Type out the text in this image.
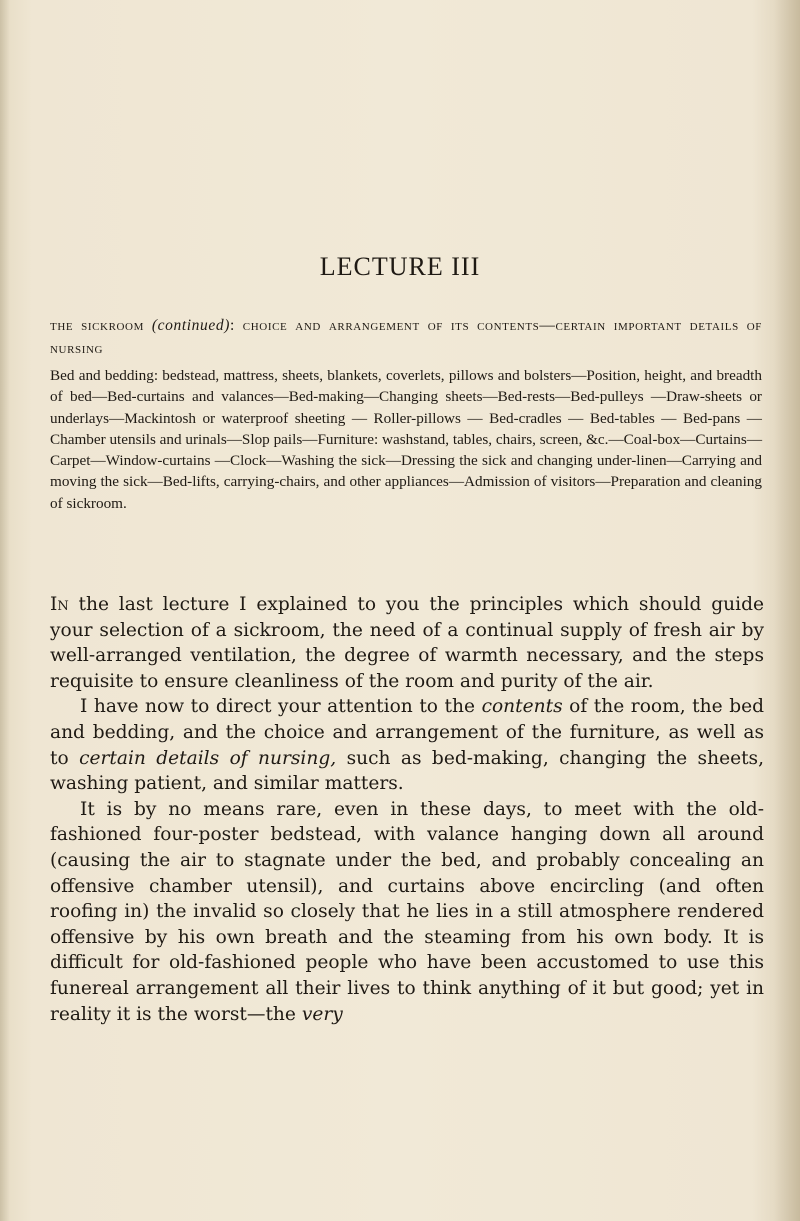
LECTURE III

the sickroom (continued): choice and arrangement of its contents—certain important details of nursing

Bed and bedding: bedstead, mattress, sheets, blankets, coverlets, pillows and bolsters—Position, height, and breadth of bed—Bed-curtains and valances—Bed-making—Changing sheets—Bed-rests—Bed-pulleys —Draw-sheets or underlays—Mackintosh or waterproof sheeting — Roller-pillows — Bed-cradles — Bed-tables — Bed-pans — Chamber utensils and urinals—Slop pails—Furniture: washstand, tables, chairs, screen, &c.—Coal-box—Curtains—Carpet—Window-curtains —Clock—Washing the sick—Dressing the sick and changing under-linen—Carrying and moving the sick—Bed-lifts, carrying-chairs, and other appliances—Admission of visitors—Preparation and cleaning of sickroom.

In the last lecture I explained to you the principles which should guide your selection of a sickroom, the need of a continual supply of fresh air by well-arranged ventilation, the degree of warmth necessary, and the steps requisite to ensure cleanliness of the room and purity of the air.

I have now to direct your attention to the contents of the room, the bed and bedding, and the choice and arrangement of the furniture, as well as to certain details of nursing, such as bed-making, changing the sheets, washing patient, and similar matters.

It is by no means rare, even in these days, to meet with the old-fashioned four-poster bedstead, with valance hanging down all around (causing the air to stagnate under the bed, and probably concealing an offensive chamber utensil), and curtains above encircling (and often roofing in) the invalid so closely that he lies in a still atmosphere rendered offensive by his own breath and the steaming from his own body. It is difficult for old-fashioned people who have been accustomed to use this funereal arrangement all their lives to think anything of it but good; yet in reality it is the worst—the very
